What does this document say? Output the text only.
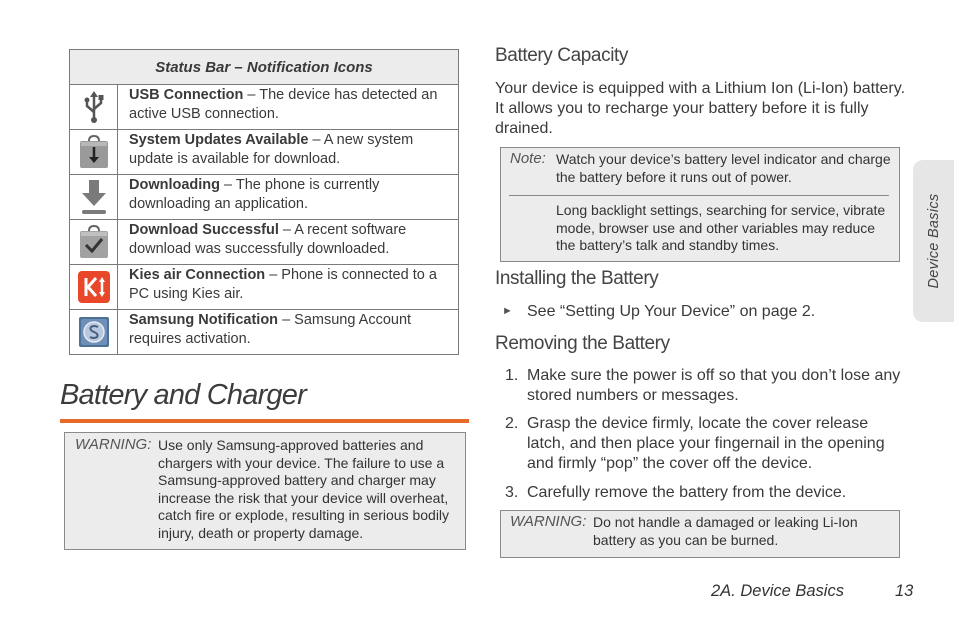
Status Bar – Notification Icons	

	USB Connection – The device has detected an active USB connection.

	System Updates Available – A new system update is available for download.

	Downloading – The phone is currently downloading an application.

	Download Successful – A recent software download was successfully downloaded.

	Kies air Connection – Phone is connected to a PC using Kies air.

	Samsung Notification – Samsung Account requires activation.
Battery and Charger
WARNING: Use only Samsung-approved batteries and chargers with your device. The failure to use a Samsung-approved battery and charger may increase the risk that your device will overheat, catch fire or explode, resulting in serious bodily injury, death or property damage.
Battery Capacity
Your device is equipped with a Lithium Ion (Li-Ion) battery. It allows you to recharge your battery before it is fully drained.
Note: Watch your device’s battery level indicator and charge the battery before it runs out of power.
Long backlight settings, searching for service, vibrate mode, browser use and other variables may reduce the battery’s talk and standby times.
Installing the Battery
► See “Setting Up Your Device” on page 2.
Removing the Battery
1. Make sure the power is off so that you don’t lose any stored numbers or messages.
2. Grasp the device firmly, locate the cover release latch, and then place your fingernail in the opening and firmly “pop” the cover off the device.
3. Carefully remove the battery from the device.
WARNING: Do not handle a damaged or leaking Li-Ion battery as you can be burned.
Device Basics
2A. Device Basics	13
